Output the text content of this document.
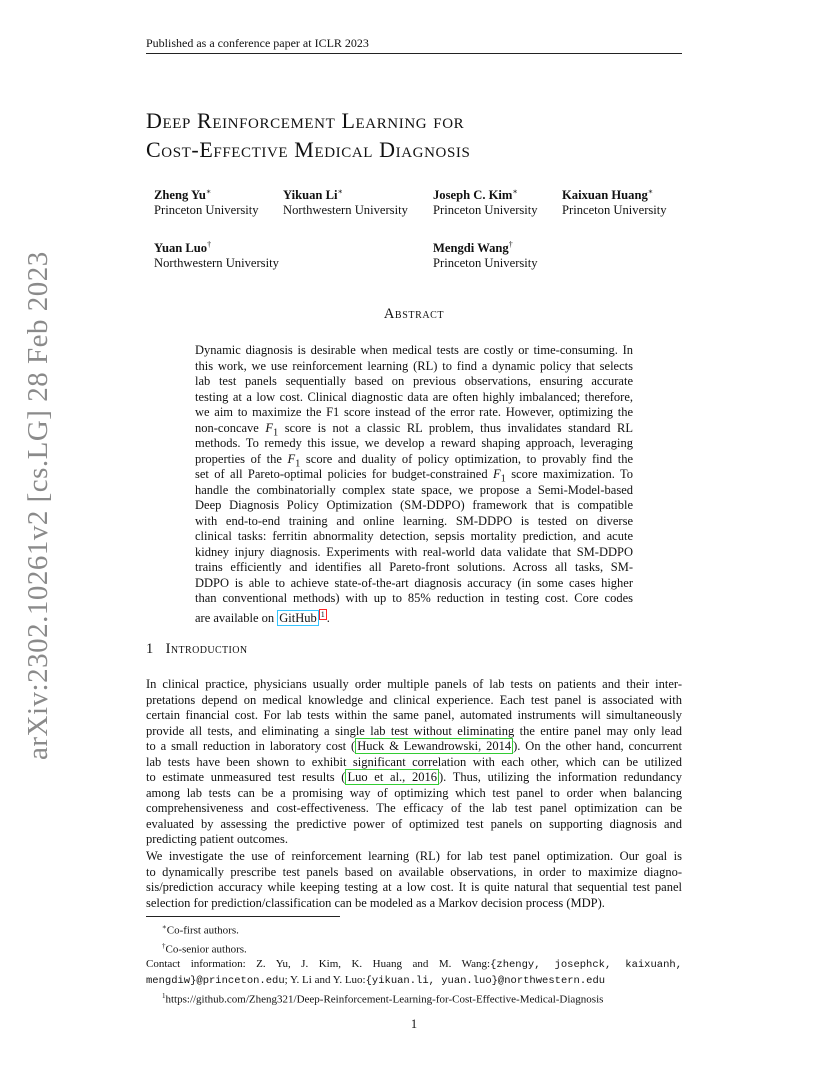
Published as a conference paper at ICLR 2023
arXiv:2302.10261v2 [cs.LG] 28 Feb 2023
Deep Reinforcement Learning for
Cost-Effective Medical Diagnosis
Zheng Yu∗
Princeton University
Yikuan Li∗
Northwestern University
Joseph C. Kim∗
Princeton University
Kaixuan Huang∗
Princeton University
Yuan Luo†
Northwestern University
Mengdi Wang†
Princeton University
Abstract
Dynamic diagnosis is desirable when medical tests are costly or time-consuming. In
this work, we use reinforcement learning (RL) to find a dynamic policy that selects
lab test panels sequentially based on previous observations, ensuring accurate
testing at a low cost. Clinical diagnostic data are often highly imbalanced; therefore,
we aim to maximize the F1 score instead of the error rate. However, optimizing the
non-concave $F_1$ score is not a classic RL problem, thus invalidates standard RL
methods. To remedy this issue, we develop a reward shaping approach, leveraging
properties of the $F_1$ score and duality of policy optimization, to provably find the
set of all Pareto-optimal policies for budget-constrained $F_1$ score maximization. To
handle the combinatorially complex state space, we propose a Semi-Model-based
Deep Diagnosis Policy Optimization (SM-DDPO) framework that is compatible
with end-to-end training and online learning. SM-DDPO is tested on diverse
clinical tasks: ferritin abnormality detection, sepsis mortality prediction, and acute
kidney injury diagnosis. Experiments with real-world data validate that SM-DDPO
trains efficiently and identifies all Pareto-front solutions. Across all tasks, SM-
DDPO is able to achieve state-of-the-art diagnosis accuracy (in some cases higher
than conventional methods) with up to 85% reduction in testing cost. Core codes
are available on GitHub $^1$ .
1 Introduction
In clinical practice, physicians usually order multiple panels of lab tests on patients and their inter-
pretations depend on medical knowledge and clinical experience. Each test panel is associated with
certain financial cost. For lab tests within the same panel, automated instruments will simultaneously
provide all tests, and eliminating a single lab test without eliminating the entire panel may only lead
to a small reduction in laboratory cost ( Huck & Lewandrowski, 2014 ). On the other hand, concurrent
lab tests have been shown to exhibit significant correlation with each other, which can be utilized
to estimate unmeasured test results ( Luo et al., 2016 ). Thus, utilizing the information redundancy
among lab tests can be a promising way of optimizing which test panel to order when balancing
comprehensiveness and cost-effectiveness. The efficacy of the lab test panel optimization can be
evaluated by assessing the predictive power of optimized test panels on supporting diagnosis and
predicting patient outcomes.
We investigate the use of reinforcement learning (RL) for lab test panel optimization. Our goal is
to dynamically prescribe test panels based on available observations, in order to maximize diagno-
sis/prediction accuracy while keeping testing at a low cost. It is quite natural that sequential test panel
selection for prediction/classification can be modeled as a Markov decision process (MDP).
∗Co-first authors.
†Co-senior authors.
Contact information: Z. Yu, J. Kim, K. Huang and M. Wang:{zhengy, josephck, kaixuanh,
mengdiw}@princeton.edu; Y. Li and Y. Luo:{yikuan.li, yuan.luo}@northwestern.edu
$^1$https://github.com/Zheng321/Deep-Reinforcement-Learning-for-Cost-Effective-Medical-Diagnosis
1
